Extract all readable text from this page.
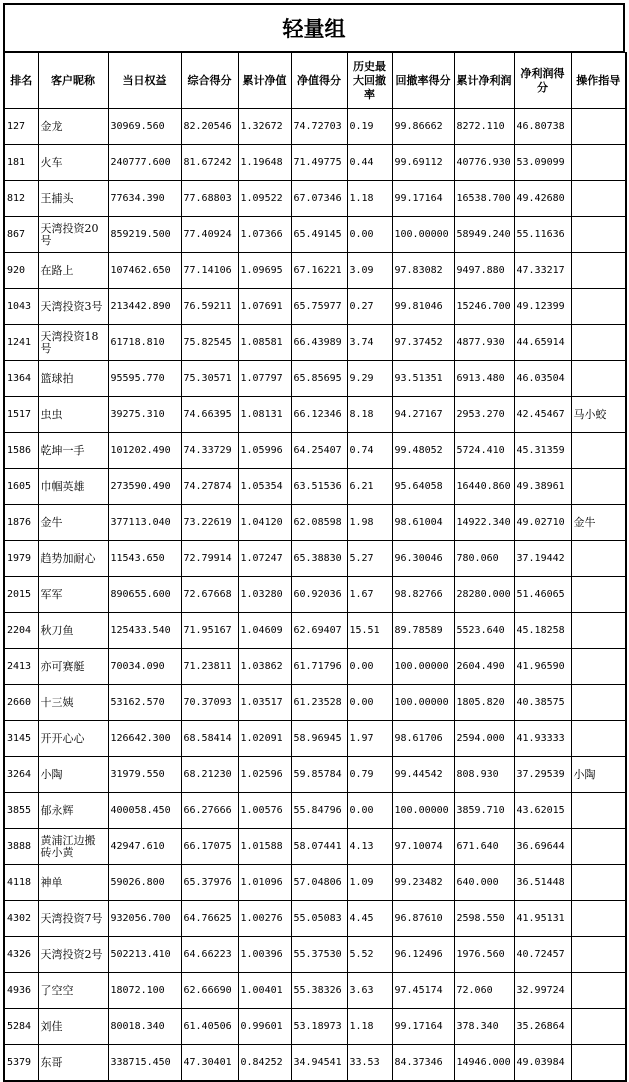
轻量组
排名	客户昵称	当日权益	综合得分	累计净值	净值得分	历史最大回撤率	回撤率得分	累计净利润	净利润得分	操作指导
127	金龙	30969.560	82.20546	1.32672	74.72703	0.19	99.86662	8272.110	46.80738	
181	火车	240777.600	81.67242	1.19648	71.49775	0.44	99.69112	40776.930	53.09099	
812	王捕头	77634.390	77.68803	1.09522	67.07346	1.18	99.17164	16538.700	49.42680	
867	天湾投资20号	859219.500	77.40924	1.07366	65.49145	0.00	100.00000	58949.240	55.11636	
920	在路上	107462.650	77.14106	1.09695	67.16221	3.09	97.83082	9497.880	47.33217	
1043	天湾投资3号	213442.890	76.59211	1.07691	65.75977	0.27	99.81046	15246.700	49.12399	
1241	天湾投资18号	61718.810	75.82545	1.08581	66.43989	3.74	97.37452	4877.930	44.65914	
1364	篮球拍	95595.770	75.30571	1.07797	65.85695	9.29	93.51351	6913.480	46.03504	
1517	虫虫	39275.310	74.66395	1.08131	66.12346	8.18	94.27167	2953.270	42.45467	马小蛟
1586	乾坤一手	101202.490	74.33729	1.05996	64.25407	0.74	99.48052	5724.410	45.31359	
1605	巾帼英雄	273590.490	74.27874	1.05354	63.51536	6.21	95.64058	16440.860	49.38961	
1876	金牛	377113.040	73.22619	1.04120	62.08598	1.98	98.61004	14922.340	49.02710	金牛
1979	趋势加耐心	11543.650	72.79914	1.07247	65.38830	5.27	96.30046	780.060	37.19442	
2015	军军	890655.600	72.67668	1.03280	60.92036	1.67	98.82766	28280.000	51.46065	
2204	秋刀鱼	125433.540	71.95167	1.04609	62.69407	15.51	89.78589	5523.640	45.18258	
2413	亦可赛艇	70034.090	71.23811	1.03862	61.71796	0.00	100.00000	2604.490	41.96590	
2660	十三姨	53162.570	70.37093	1.03517	61.23528	0.00	100.00000	1805.820	40.38575	
3145	开开心心	126642.300	68.58414	1.02091	58.96945	1.97	98.61706	2594.000	41.93333	
3264	小陶	31979.550	68.21230	1.02596	59.85784	0.79	99.44542	808.930	37.29539	小陶
3855	郁永辉	400058.450	66.27666	1.00576	55.84796	0.00	100.00000	3859.710	43.62015	
3888	黄浦江边搬砖小黄	42947.610	66.17075	1.01588	58.07441	4.13	97.10074	671.640	36.69644	
4118	神单	59026.800	65.37976	1.01096	57.04806	1.09	99.23482	640.000	36.51448	
4302	天湾投资7号	932056.700	64.76625	1.00276	55.05083	4.45	96.87610	2598.550	41.95131	
4326	天湾投资2号	502213.410	64.66223	1.00396	55.37530	5.52	96.12496	1976.560	40.72457	
4936	了空空	18072.100	62.66690	1.00401	55.38326	3.63	97.45174	72.060	32.99724	
5284	刘佳	80018.340	61.40506	0.99601	53.18973	1.18	99.17164	378.340	35.26864	
5379	东哥	338715.450	47.30401	0.84252	34.94541	33.53	84.37346	14946.000	49.03984	
